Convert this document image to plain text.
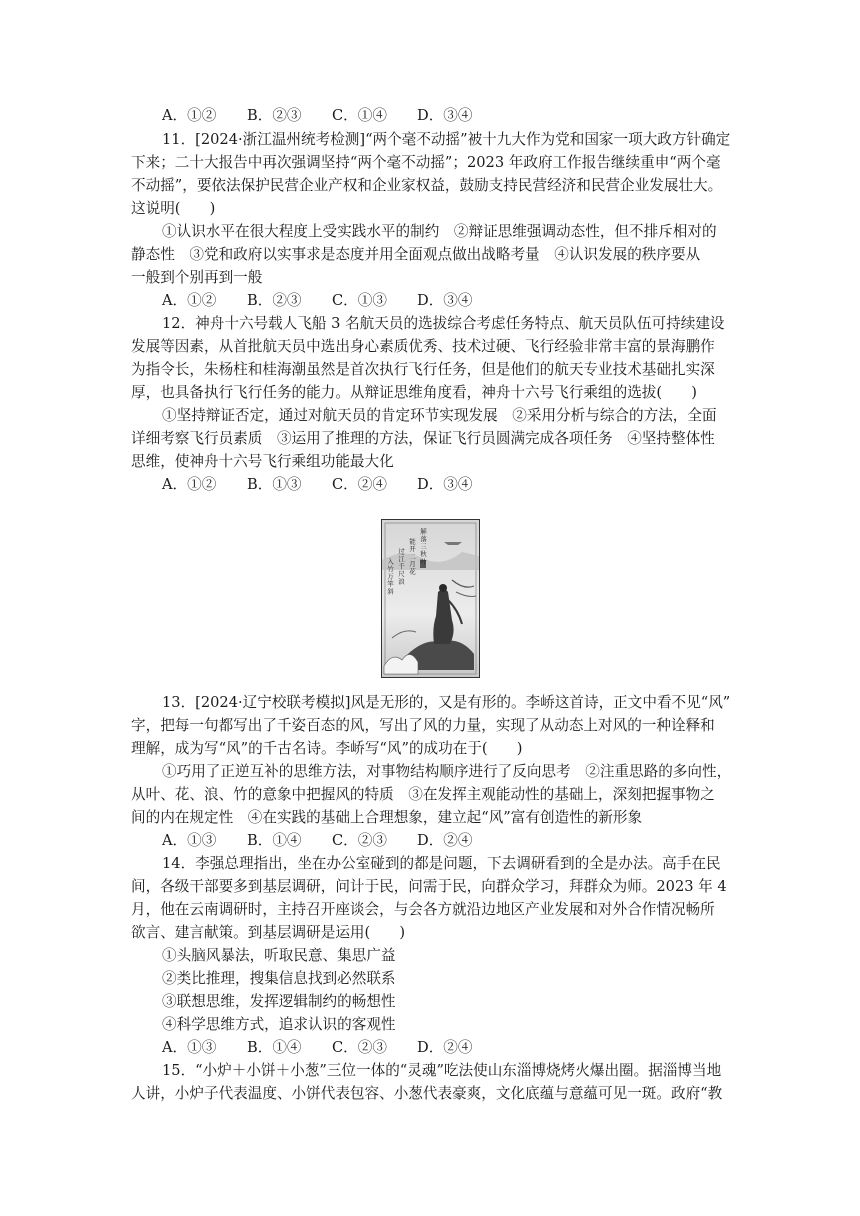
A．①② B．②③ C．①④ D．③④
11．[2024·浙江温州统考检测]“两个毫不动摇”被十九大作为党和国家一项大政方针确定
下来；二十大报告中再次强调坚持“两个毫不动摇”；2023 年政府工作报告继续重申“两个毫
不动摇”，要依法保护民营企业产权和企业家权益，鼓励支持民营经济和民营企业发展壮大。
这说明(　　)
①认识水平在很大程度上受实践水平的制约　②辩证思维强调动态性，但不排斥相对的
静态性　③党和政府以实事求是态度并用全面观点做出战略考量　④认识发展的秩序要从
一般到个别再到一般
A．①② B．②③ C．①③ D．③④
12．神舟十六号载人飞船 3 名航天员的选拔综合考虑任务特点、航天员队伍可持续建设
发展等因素，从首批航天员中选出身心素质优秀、技术过硬、飞行经验非常丰富的景海鹏作
为指令长，朱杨柱和桂海潮虽然是首次执行飞行任务，但是他们的航天专业技术基础扎实深
厚，也具备执行飞行任务的能力。从辩证思维角度看，神舟十六号飞行乘组的选拔(　　)
①坚持辩证否定，通过对航天员的肯定环节实现发展　②采用分析与综合的方法，全面
详细考察飞行员素质　③运用了推理的方法，保证飞行员圆满完成各项任务　④坚持整体性
思维，使神舟十六号飞行乘组功能最大化
A．①② B．①③ C．②④ D．③④
解落三秋叶
能开二月花
过江千尺浪
入竹万竿斜
13．[2024·辽宁校联考模拟]风是无形的，又是有形的。李峤这首诗，正文中看不见“风”
字，把每一句都写出了千姿百态的风，写出了风的力量，实现了从动态上对风的一种诠释和
理解，成为写“风”的千古名诗。李峤写“风”的成功在于(　　)
①巧用了正逆互补的思维方法，对事物结构顺序进行了反向思考　②注重思路的多向性，
从叶、花、浪、竹的意象中把握风的特质　③在发挥主观能动性的基础上，深刻把握事物之
间的内在规定性　④在实践的基础上合理想象，建立起“风”富有创造性的新形象
A．①③ B．①④ C．②③ D．②④
14．李强总理指出，坐在办公室碰到的都是问题，下去调研看到的全是办法。高手在民
间，各级干部要多到基层调研，问计于民，问需于民，向群众学习，拜群众为师。2023 年 4
月，他在云南调研时，主持召开座谈会，与会各方就沿边地区产业发展和对外合作情况畅所
欲言、建言献策。到基层调研是运用(　　)
①头脑风暴法，听取民意、集思广益
②类比推理，搜集信息找到必然联系
③联想思维，发挥逻辑制约的畅想性
④科学思维方式，追求认识的客观性
A．①③ B．①④ C．②③ D．②④
15．“小炉＋小饼＋小葱”三位一体的“灵魂”吃法使山东淄博烧烤火爆出圈。据淄博当地
人讲，小炉子代表温度、小饼代表包容、小葱代表豪爽，文化底蕴与意蕴可见一斑。政府“教
